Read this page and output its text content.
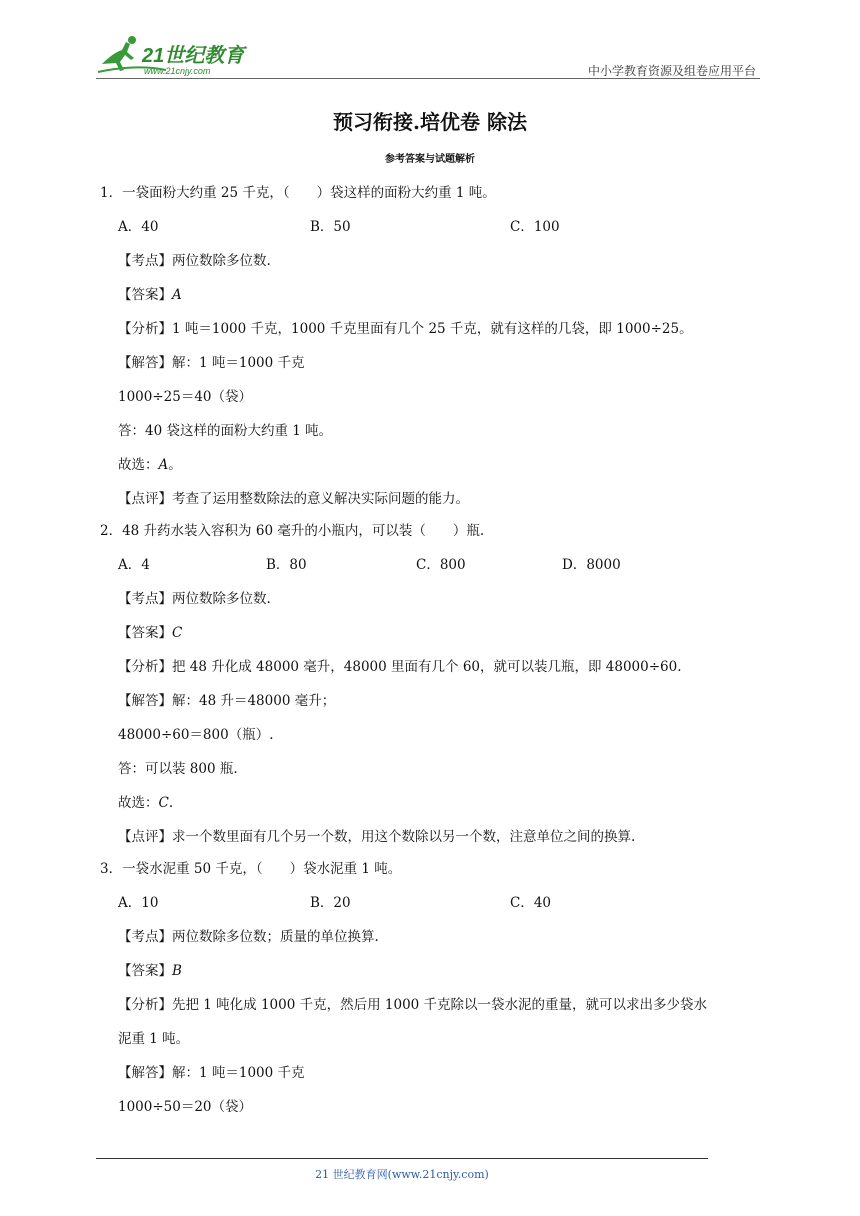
21世纪教育
www.21cnjy.com	中小学教育资源及组卷应用平台
预习衔接.培优卷 除法
参考答案与试题解析
1．一袋面粉大约重 25 千克，（　　）袋这样的面粉大约重 1 吨。
A．40	B．50	C．100
【考点】两位数除多位数.
【答案】A
【分析】1 吨＝1000 千克，1000 千克里面有几个 25 千克，就有这样的几袋，即 1000÷25。
【解答】解：1 吨＝1000 千克
1000÷25＝40（袋）
答：40 袋这样的面粉大约重 1 吨。
故选：A。
【点评】考查了运用整数除法的意义解决实际问题的能力。
2．48 升药水装入容积为 60 毫升的小瓶内，可以装（　　）瓶.
A．4	B．80	C．800	D．8000
【考点】两位数除多位数.
【答案】C
【分析】把 48 升化成 48000 毫升，48000 里面有几个 60，就可以装几瓶，即 48000÷60.
【解答】解：48 升＝48000 毫升；
48000÷60＝800（瓶）.
答：可以装 800 瓶.
故选：C.
【点评】求一个数里面有几个另一个数，用这个数除以另一个数，注意单位之间的换算.
3．一袋水泥重 50 千克，（　　）袋水泥重 1 吨。
A．10	B．20	C．40
【考点】两位数除多位数；质量的单位换算.
【答案】B
【分析】先把 1 吨化成 1000 千克，然后用 1000 千克除以一袋水泥的重量，就可以求出多少袋水
泥重 1 吨。
【解答】解：1 吨＝1000 千克
1000÷50＝20（袋）
21 世纪教育网(www.21cnjy.com)
